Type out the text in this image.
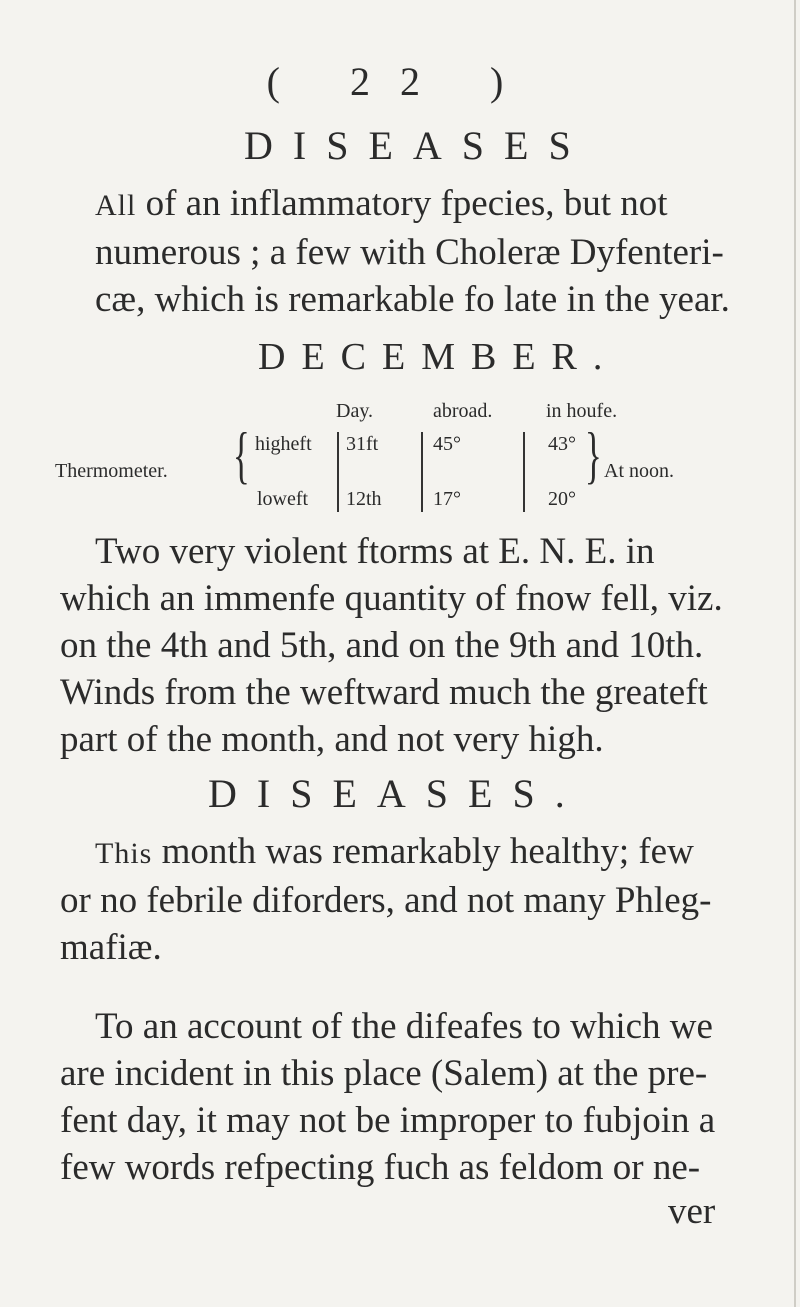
( 22 )
DISEASES

All of an inflammatory fpecies, but not

numerous ; a few with Choleræ Dyfenteri-

cæ, which is remarkable fo late in the year.

DECEMBER.
Day.	abroad.	in houfe.
Thermometer. { higheft
loweft
31ft
12th
45°
17°
43°
20°
} At noon.

Two very violent ftorms at E. N. E. in

which an immenfe quantity of fnow fell, viz.

on the 4th and 5th, and on the 9th and 10th.

Winds from the weftward much the greateft

part of the month, and not very high.

DISEASES.

This month was remarkably healthy; few

or no febrile diforders, and not many Phleg-

mafiæ.

To an account of the difeafes to which we

are incident in this place (Salem) at the pre-

fent day, it may not be improper to fubjoin a

few words refpecting fuch as feldom or ne-

ver
